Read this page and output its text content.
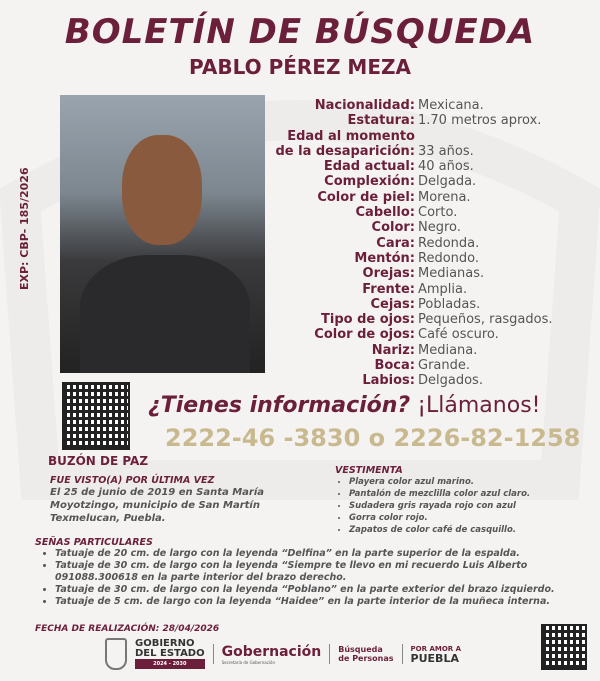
BOLETÍN DE BÚSQUEDA
PABLO PÉREZ MEZA
EXP: CBP- 185/2026
Nacionalidad: Mexicana.
Estatura: 1.70 metros aprox.
Edad al momento
de la desaparición: 33 años.
Edad actual: 40 años.
Complexión: Delgada.
Color de piel: Morena.
Cabello: Corto.
Color: Negro.
Cara: Redonda.
Mentón: Redondo.
Orejas: Medianas.
Frente: Amplia.
Cejas: Pobladas.
Tipo de ojos: Pequeños, rasgados.
Color de ojos: Café oscuro.
Nariz: Mediana.
Boca: Grande.
Labios: Delgados.
BUZÓN DE PAZ
¿Tienes información? ¡Llámanos!
2222-46 -3830 o 2226-82-1258
FUE VISTO(A) POR ÚLTIMA VEZ
El 25 de junio de 2019 en Santa María Moyotzingo, municipio de San Martín Texmelucan, Puebla.
VESTIMENTA
• Playera color azul marino.
• Pantalón de mezclilla color azul claro.
• Sudadera gris rayada rojo con azul
• Gorra color rojo.
• Zapatos de color café de casquillo.
SEÑAS PARTICULARES
• Tatuaje de 20 cm. de largo con la leyenda “Delfina” en la parte superior de la espalda.
• Tatuaje de 30 cm. de largo con la leyenda “Siempre te llevo en mi recuerdo Luis Alberto 091088.300618 en la parte interior del brazo derecho.
• Tatuaje de 30 cm. de largo con la leyenda “Poblano” en la parte exterior del brazo izquierdo.
• Tatuaje de 5 cm. de largo con la leyenda “Haidee” en la parte interior de la muñeca interna.
FECHA DE REALIZACIÓN: 28/04/2026
GOBIERNO
DEL ESTADO
2024 - 2030
Gobernación
Secretaría de Gobernación
Búsqueda
de Personas
POR AMOR A
PUEBLA
